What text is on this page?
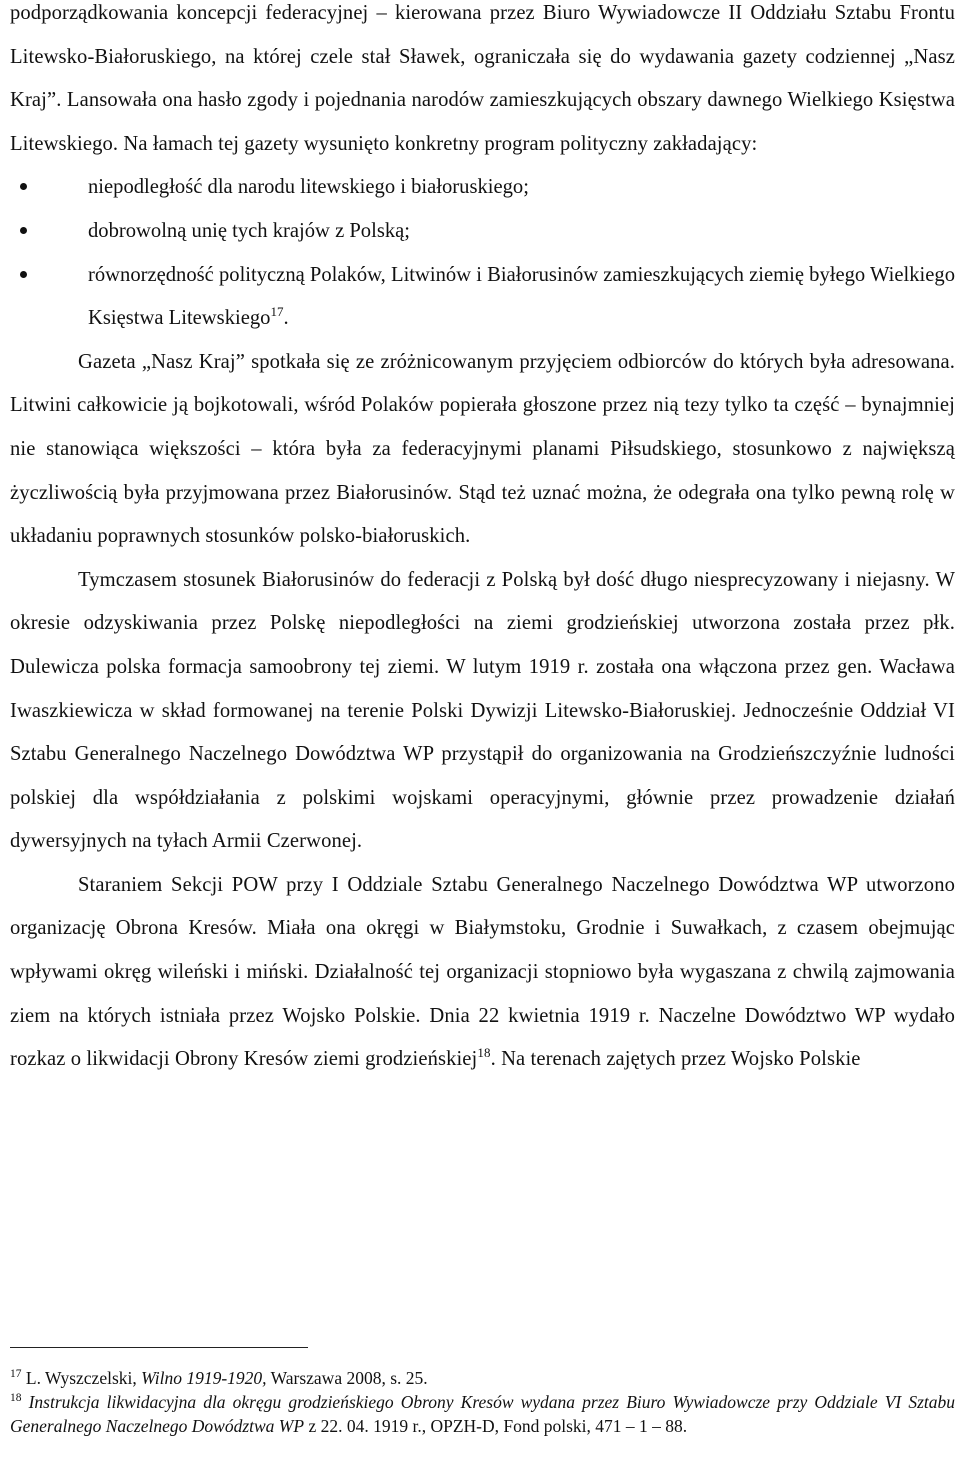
podporządkowania koncepcji federacyjnej – kierowana przez Biuro Wywiadowcze II Oddziału Sztabu Frontu Litewsko-Białoruskiego, na której czele stał Sławek, ograniczała się do wydawania gazety codziennej „Nasz Kraj”. Lansowała ona hasło zgody i pojednania narodów zamieszkujących obszary dawnego Wielkiego Księstwa Litewskiego. Na łamach tej gazety wysunięto konkretny program polityczny zakładający:

niepodległość dla narodu litewskiego i białoruskiego;
dobrowolną unię tych krajów z Polską;
równorzędność polityczną Polaków, Litwinów i Białorusinów zamieszkujących ziemię byłego Wielkiego Księstwa Litewskiego$^{17}$.

Gazeta „Nasz Kraj” spotkała się ze zróżnicowanym przyjęciem odbiorców do których była adresowana. Litwini całkowicie ją bojkotowali, wśród Polaków popierała głoszone przez nią tezy tylko ta część – bynajmniej nie stanowiąca większości – która była za federacyjnymi planami Piłsudskiego, stosunkowo z największą życzliwością była przyjmowana przez Białorusinów. Stąd też uznać można, że odegrała ona tylko pewną rolę w układaniu poprawnych stosunków polsko-białoruskich.

Tymczasem stosunek Białorusinów do federacji z Polską był dość długo niesprecyzowany i niejasny. W okresie odzyskiwania przez Polskę niepodległości na ziemi grodzieńskiej utworzona została przez płk. Dulewicza polska formacja samoobrony tej ziemi. W lutym 1919 r. została ona włączona przez gen. Wacława Iwaszkiewicza w skład formowanej na terenie Polski Dywizji Litewsko-Białoruskiej. Jednocześnie Oddział VI Sztabu Generalnego Naczelnego Dowództwa WP przystąpił do organizowania na Grodzieńszczyźnie ludności polskiej dla współdziałania z polskimi wojskami operacyjnymi, głównie przez prowadzenie działań dywersyjnych na tyłach Armii Czerwonej.

Staraniem Sekcji POW przy I Oddziale Sztabu Generalnego Naczelnego Dowództwa WP utworzono organizację Obrona Kresów. Miała ona okręgi w Białymstoku, Grodnie i Suwałkach, z czasem obejmując wpływami okręg wileński i miński. Działalność tej organizacji stopniowo była wygaszana z chwilą zajmowania ziem na których istniała przez Wojsko Polskie. Dnia 22 kwietnia 1919 r. Naczelne Dowództwo WP wydało rozkaz o likwidacji Obrony Kresów ziemi grodzieńskiej$^{18}$. Na terenach zajętych przez Wojsko Polskie

$^{17}$ L. Wyszczelski, Wilno 1919-1920, Warszawa 2008, s. 25.

$^{18}$ Instrukcja likwidacyjna dla okręgu grodzieńskiego Obrony Kresów wydana przez Biuro Wywiadowcze przy Oddziale VI Sztabu Generalnego Naczelnego Dowództwa WP z 22. 04. 1919 r., OPZH-D, Fond polski, 471 – 1 – 88.
